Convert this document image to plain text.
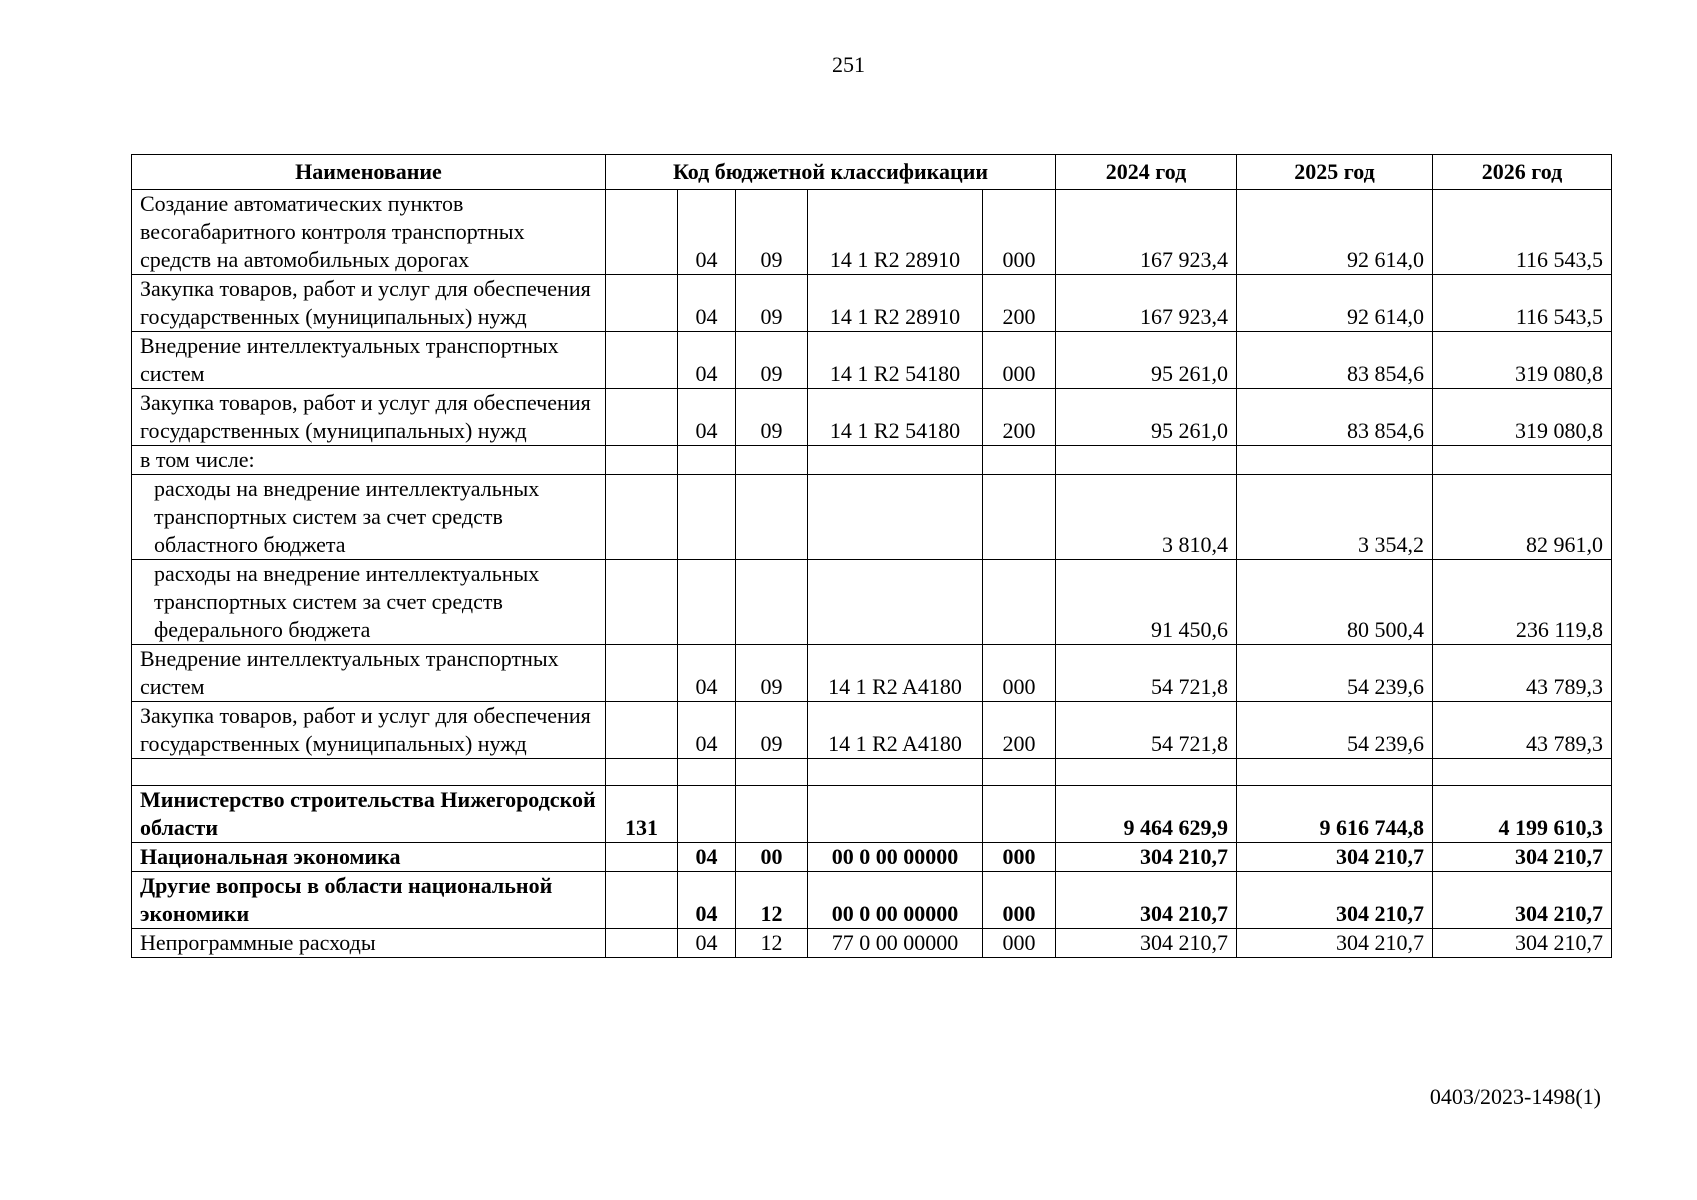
251
Наименование	Код бюджетной классификации					2024 год	2025 год	2026 год
Создание автоматических пунктов весогабаритного контроля транспортных средств на автомобильных дорогах		04	09	14 1 R2 28910	000	167 923,4	92 614,0	116 543,5
Закупка товаров, работ и услуг для обеспечения государственных (муниципальных) нужд		04	09	14 1 R2 28910	200	167 923,4	92 614,0	116 543,5
Внедрение интеллектуальных транспортных систем		04	09	14 1 R2 54180	000	95 261,0	83 854,6	319 080,8
Закупка товаров, работ и услуг для обеспечения государственных (муниципальных) нужд		04	09	14 1 R2 54180	200	95 261,0	83 854,6	319 080,8
в том числе:								
расходы на внедрение интеллектуальных транспортных систем за счет средств областного бюджета						3 810,4	3 354,2	82 961,0
расходы на внедрение интеллектуальных транспортных систем за счет средств федерального бюджета						91 450,6	80 500,4	236 119,8
Внедрение интеллектуальных транспортных систем		04	09	14 1 R2 A4180	000	54 721,8	54 239,6	43 789,3
Закупка товаров, работ и услуг для обеспечения государственных (муниципальных) нужд		04	09	14 1 R2 A4180	200	54 721,8	54 239,6	43 789,3

Министерство строительства Нижегородской области	131					9 464 629,9	9 616 744,8	4 199 610,3
Национальная экономика		04	00	00 0 00 00000	000	304 210,7	304 210,7	304 210,7
Другие вопросы в области национальной экономики		04	12	00 0 00 00000	000	304 210,7	304 210,7	304 210,7
Непрограммные расходы		04	12	77 0 00 00000	000	304 210,7	304 210,7	304 210,7
0403/2023-1498(1)
